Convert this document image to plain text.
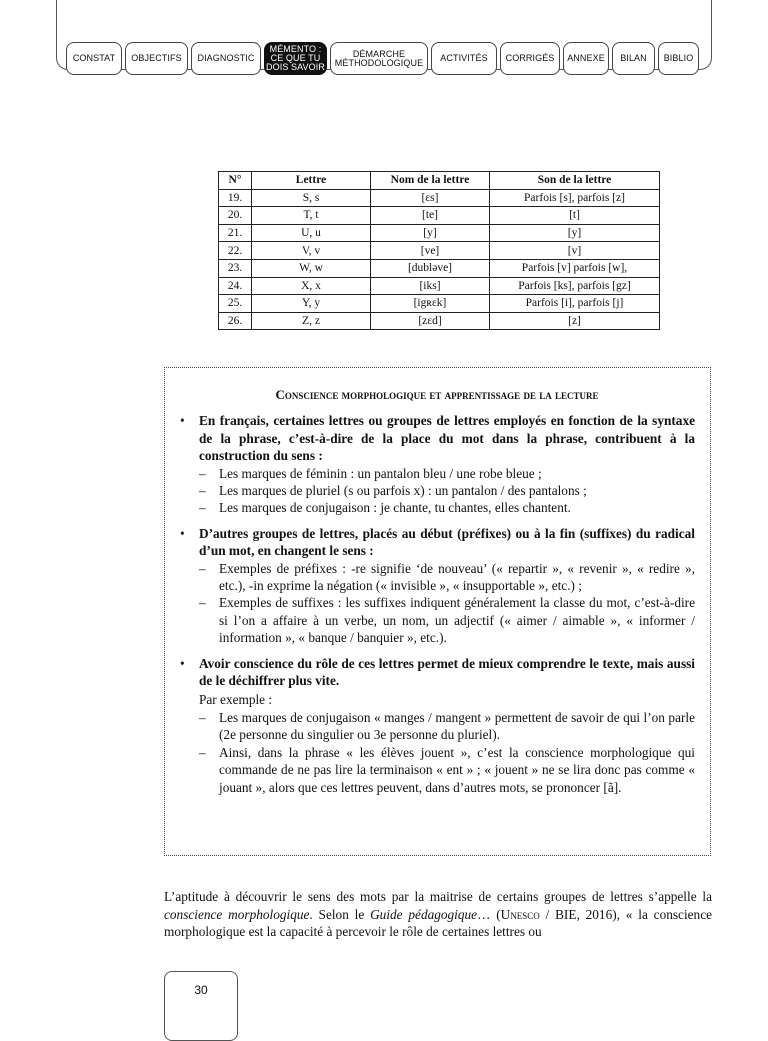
CONSTAT	OBJECTIFS	DIAGNOSTIC
MÉMENTO :
CE QUE TU
DOIS SAVOIR
DÉMARCHE
MÉTHODOLOGIQUE	ACTIVITÉS	CORRIGÉS	ANNEXE	BILAN	BIBLIO
N°	Lettre	Nom de la lettre	Son de la lettre
19.	S, s	[ɛs]	Parfois [s], parfois [z]
20.	T, t	[te]	[t]
21.	U, u	[y]	[y]
22.	V, v	[ve]	[v]
23.	W, w	[dubləve]	Parfois [v] parfois [w],
24.	X, x	[iks]	Parfois [ks], parfois [gz]
25.	Y, y	[igʀɛk]	Parfois [i], parfois [j]
26.	Z, z	[zɛd]	[z]
Conscience morphologique et apprentissage de la lecture
• En français, certaines lettres ou groupes de lettres employés en fonction de la syntaxe de la phrase, c’est-à-dire de la place du mot dans la phrase, contribuent à la construction du sens :
– Les marques de féminin : un pantalon bleu / une robe bleue ;
– Les marques de pluriel (s ou parfois x) : un pantalon / des pantalons ;
– Les marques de conjugaison : je chante, tu chantes, elles chantent.
• D’autres groupes de lettres, placés au début (préfixes) ou à la fin (suffixes) du radical d’un mot, en changent le sens :
– Exemples de préfixes : -re signifie ‘de nouveau’ (« repartir », « revenir », « redire », etc.), -in exprime la négation (« invisible », « insupportable », etc.) ;
– Exemples de suffixes : les suffixes indiquent généralement la classe du mot, c’est-à-dire si l’on a affaire à un verbe, un nom, un adjectif (« aimer / aimable », « informer / information », « banque / banquier », etc.).
• Avoir conscience du rôle de ces lettres permet de mieux comprendre le texte, mais aussi de le déchiffrer plus vite.
Par exemple :
– Les marques de conjugaison « manges / mangent » permettent de savoir de qui l’on parle (2e personne du singulier ou 3e personne du pluriel).
– Ainsi, dans la phrase « les élèves jouent », c’est la conscience morphologique qui commande de ne pas lire la terminaison « ent » ; « jouent » ne se lira donc pas comme « jouant », alors que ces lettres peuvent, dans d’autres mots, se prononcer [ã].

L’aptitude à découvrir le sens des mots par la maitrise de certains groupes de lettres s’appelle la conscience morphologique. Selon le Guide pédagogique… (Unesco / BIE, 2016), « la conscience morphologique est la capacité à percevoir le rôle de certaines lettres ou

30
